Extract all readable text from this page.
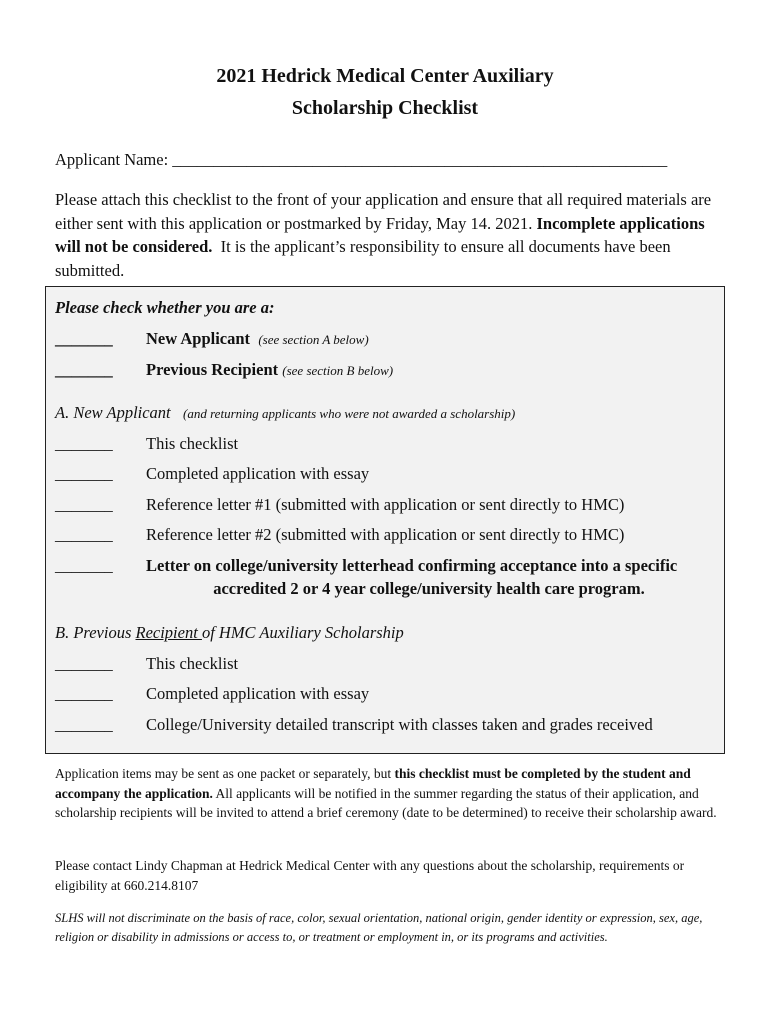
2021 Hedrick Medical Center Auxiliary
Scholarship Checklist
Applicant Name: ____________________________________________________________
Please attach this checklist to the front of your application and ensure that all required materials are either sent with this application or postmarked by Friday, May 14. 2021. Incomplete applications will not be considered. It is the applicant’s responsibility to ensure all documents have been submitted.
Please check whether you are a:
_______ New Applicant (see section A below)
_______ Previous Recipient (see section B below)
A. New Applicant (and returning applicants who were not awarded a scholarship)
_______ This checklist
_______ Completed application with essay
_______ Reference letter #1 (submitted with application or sent directly to HMC)
_______ Reference letter #2 (submitted with application or sent directly to HMC)
_______ Letter on college/university letterhead confirming acceptance into a specific
accredited 2 or 4 year college/university health care program.
B. Previous Recipient of HMC Auxiliary Scholarship
_______ This checklist
_______ Completed application with essay
_______ College/University detailed transcript with classes taken and grades received
Application items may be sent as one packet or separately, but this checklist must be completed by the student and accompany the application. All applicants will be notified in the summer regarding the status of their application, and scholarship recipients will be invited to attend a brief ceremony (date to be determined) to receive their scholarship award.
Please contact Lindy Chapman at Hedrick Medical Center with any questions about the scholarship, requirements or eligibility at 660.214.8107
SLHS will not discriminate on the basis of race, color, sexual orientation, national origin, gender identity or expression, sex, age, religion or disability in admissions or access to, or treatment or employment in, or its programs and activities.
